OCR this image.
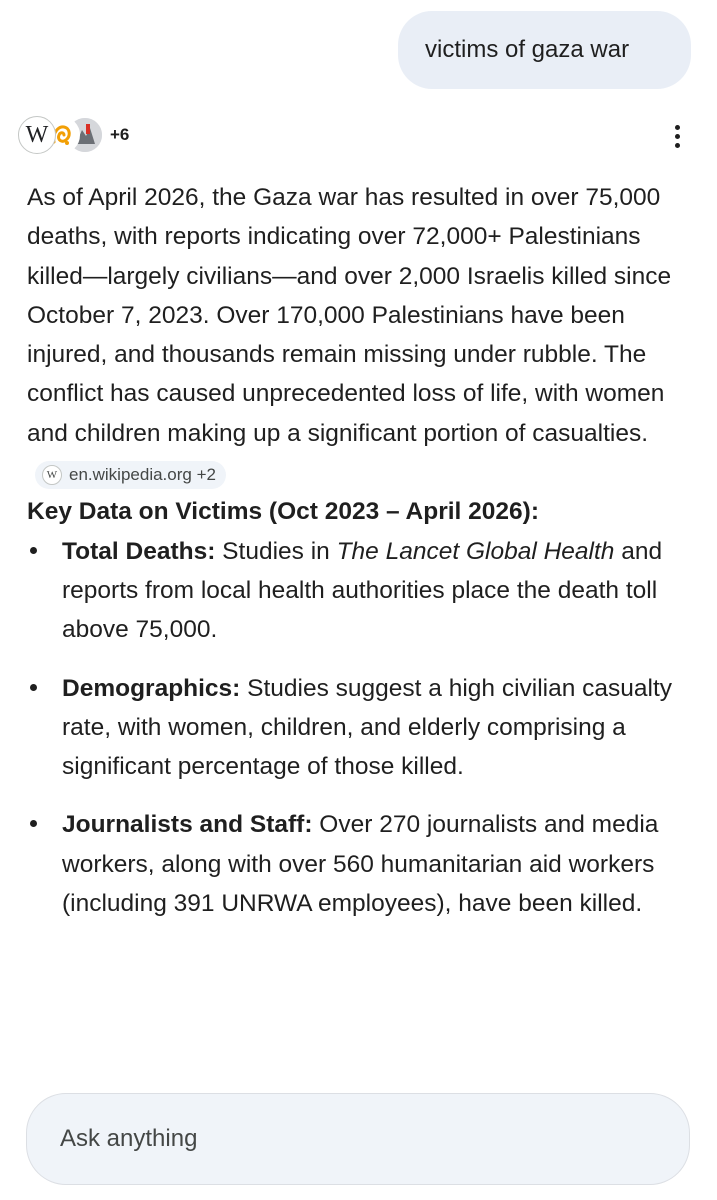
victims of gaza war
W	+6

As of April 2026, the Gaza war has resulted in over 75,000 deaths, with reports indicating over 72,000+ Palestinians killed—largely civilians—and over 2,000 Israelis killed since October 7, 2023. Over 170,000 Palestinians have been injured, and thousands remain missing under rubble. The conflict has caused unprecedented loss of life, with women and children making up a significant portion of casualties.
W en.wikipedia.org +2

Key Data on Victims (Oct 2023 – April 2026):

Total Deaths: Studies in The Lancet Global Health and reports from local health authorities place the death toll above 75,000.
Demographics: Studies suggest a high civilian casualty rate, with women, children, and elderly comprising a significant percentage of those killed.
Journalists and Staff: Over 270 journalists and media workers, along with over 560 humanitarian aid workers (including 391 UNRWA employees), have been killed.
Ask anything
